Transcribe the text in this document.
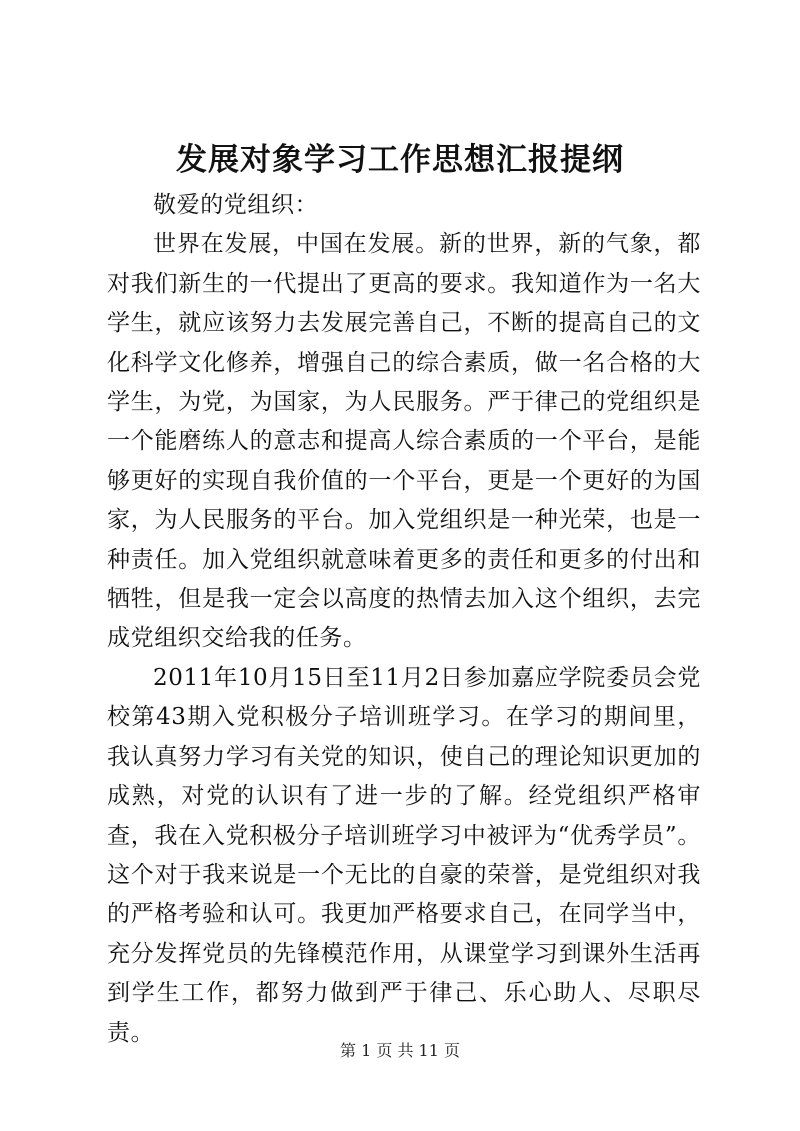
发展对象学习工作思想汇报提纲

敬爱的党组织：

世界在发展，中国在发展。新的世界，新的气象，都对我们新生的一代提出了更高的要求。我知道作为一名大学生，就应该努力去发展完善自己，不断的提高自己的文化科学文化修养，增强自己的综合素质，做一名合格的大学生，为党，为国家，为人民服务。严于律己的党组织是一个能磨练人的意志和提高人综合素质的一个平台，是能够更好的实现自我价值的一个平台，更是一个更好的为国家，为人民服务的平台。加入党组织是一种光荣，也是一种责任。加入党组织就意味着更多的责任和更多的付出和牺牲，但是我一定会以高度的热情去加入这个组织，去完成党组织交给我的任务。

2011年10月15日至11月2日参加嘉应学院委员会党校第43期入党积极分子培训班学习。在学习的期间里，我认真努力学习有关党的知识，使自己的理论知识更加的成熟，对党的认识有了进一步的了解。经党组织严格审查，我在入党积极分子培训班学习中被评为“优秀学员”。这个对于我来说是一个无比的自豪的荣誉，是党组织对我的严格考验和认可。我更加严格要求自己，在同学当中，充分发挥党员的先锋模范作用，从课堂学习到课外生活再到学生工作，都努力做到严于律己、乐心助人、尽职尽责。

第 1 页 共 11 页
